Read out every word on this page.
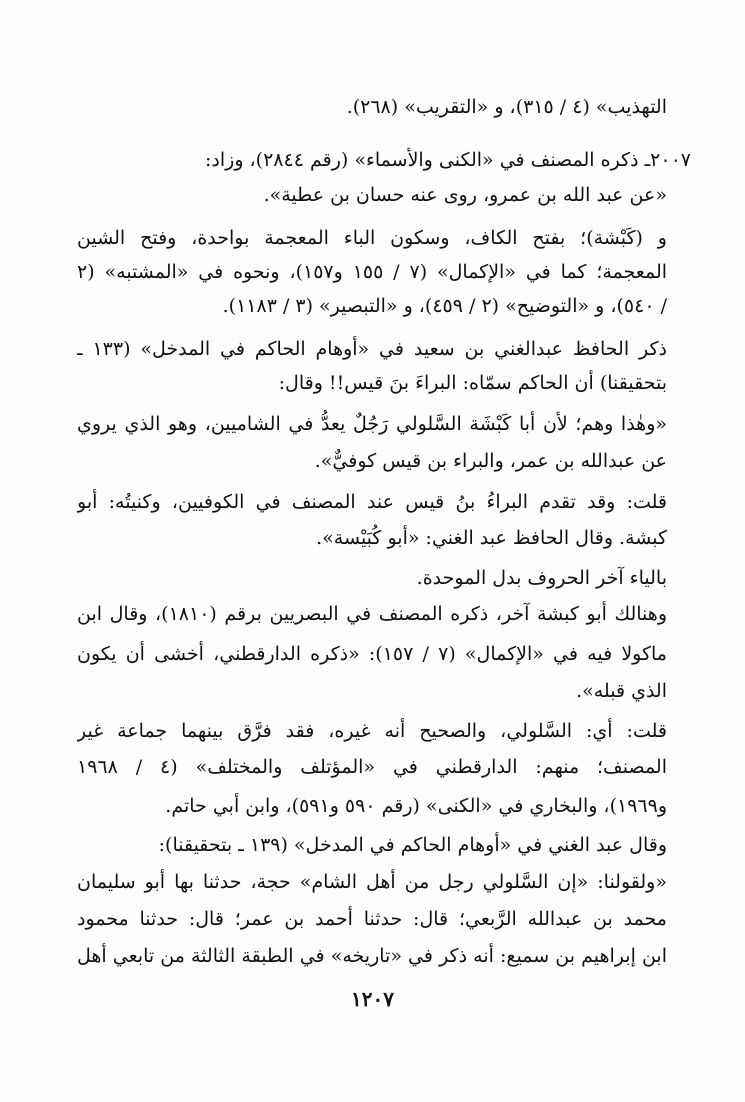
التهذيب» (٤ / ٣١٥)، و «التقريب» (٢٦٨).
٢٠٠٧ـ ذكره المصنف في «الكنى والأسماء» (رقم ٢٨٤٤)، وزاد:
«عن عبد الله بن عمرو، روى عنه حسان بن عطية».
و (كَبْشة)؛ بفتح الكاف، وسكون الباء المعجمة بواحدة، وفتح الشين
المعجمة؛ كما في «الإكمال» (٧ / ١٥٥ و١٥٧)، ونحوه في «المشتبه» (٢
/ ٥٤٠)، و «التوضيح» (٢ / ٤٥٩)، و «التبصير» (٣ / ١١٨٣).
ذكر الحافظ عبدالغني بن سعيد في «أوهام الحاكم في المدخل» (١٣٣ ـ
بتحقيقنا) أن الحاكم سمّاه: البراءَ بنَ قيس!! وقال:
«وهٰذا وهم؛ لأن أبا كَبْشَة السَّلولي رَجُلٌ يعدُّ في الشاميين، وهو الذي يروي
عن عبدالله بن عمر، والبراء بن قيس كوفيٌّ».
قلت: وقد تقدم البراءُ بنُ قيس عند المصنف في الكوفيين، وكنيتُه: أبو
كبشة. وقال الحافظ عبد الغني: «أبو كُبَيْسة».
بالياء آخر الحروف بدل الموحدة.
وهنالك أبو كبشة آخر، ذكره المصنف في البصريين برقم (١٨١٠)، وقال ابن
ماكولا فيه في «الإكمال» (٧ / ١٥٧): «ذكره الدارقطني، أخشى أن يكون
الذي قبله».
قلت: أي: السَّلولي، والصحيح أنه غيره، فقد فرَّق بينهما جماعة غير
المصنف؛ منهم: الدارقطني في «المؤتلف والمختلف» (٤ / ١٩٦٨
و١٩٦٩)، والبخاري في «الكنى» (رقم ٥٩٠ و٥٩١)، وابن أبي حاتم.
وقال عبد الغني في «أوهام الحاكم في المدخل» (١٣٩ ـ بتحقيقنا):
«ولقولنا: «إن السَّلولي رجل من أهل الشام» حجة، حدثنا بها أبو سليمان
محمد بن عبدالله الرَّبعي؛ قال: حدثنا أحمد بن عمر؛ قال: حدثنا محمود
ابن إبراهيم بن سميع: أنه ذكر في «تاريخه» في الطبقة الثالثة من تابعي أهل
١٢٠٧
